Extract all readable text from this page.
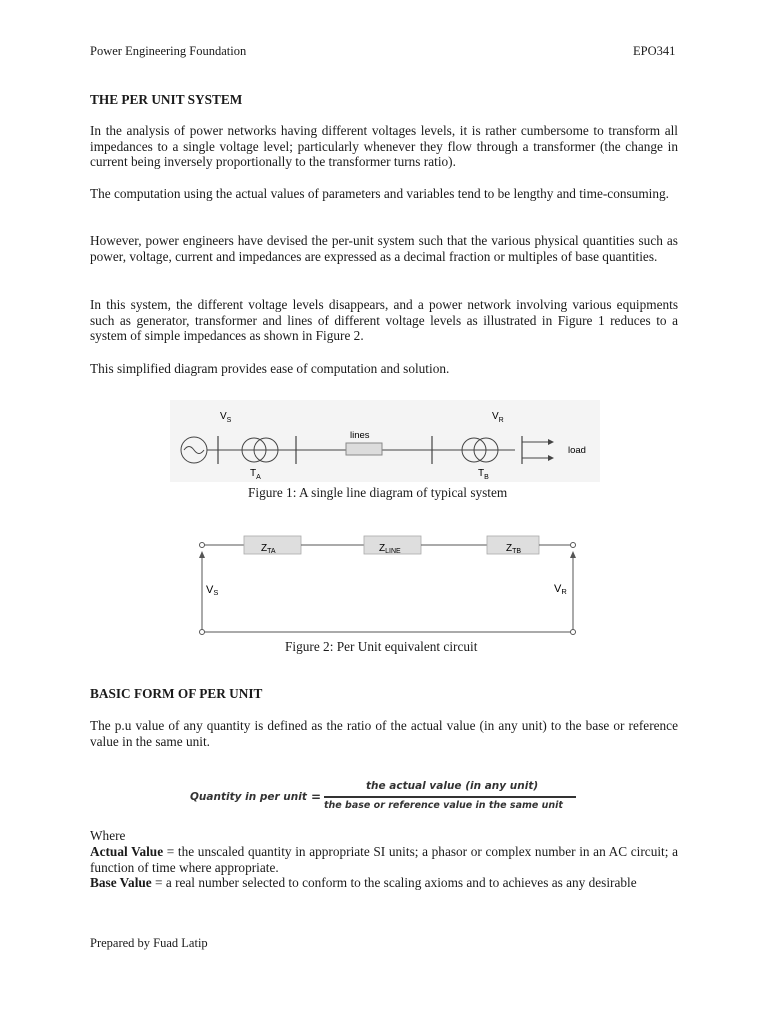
Power Engineering Foundation	EPO341

THE PER UNIT SYSTEM

In the analysis of power networks having different voltages levels, it is rather cumbersome to transform all impedances to a single voltage level; particularly whenever they flow through a transformer (the change in current being inversely proportionally to the transformer turns ratio).

The computation using the actual values of parameters and variables tend to be lengthy and time-consuming.

However, power engineers have devised the per-unit system such that the various physical quantities such as power, voltage, current and impedances are expressed as a decimal fraction or multiples of base quantities.

In this system, the different voltage levels disappears, and a power network involving various equipments such as generator, transformer and lines of different voltage levels as illustrated in Figure 1 reduces to a system of simple impedances as shown in Figure 2.

This simplified diagram provides ease of computation and solution.

$V_S$	$V_R$
$T_A$	$T_B$
lines
load
Figure 1: A single line diagram of typical system
$Z_{TA}$	$Z_{LINE}$	$Z_{TB}$
VS	VR
Figure 2: Per Unit equivalent circuit

BASIC FORM OF PER UNIT

The p.u value of any quantity is defined as the ratio of the actual value (in any unit) to the base or reference value in the same unit.

Quantity in per unit =
the actual value (in any unit)
the base or reference value in the same unit

Where

Actual Value = the unscaled quantity in appropriate SI units; a phasor or complex number in an AC circuit; a function of time where appropriate.

Base Value = a real number selected to conform to the scaling axioms and to achieves as any desirable

Prepared by Fuad Latip
